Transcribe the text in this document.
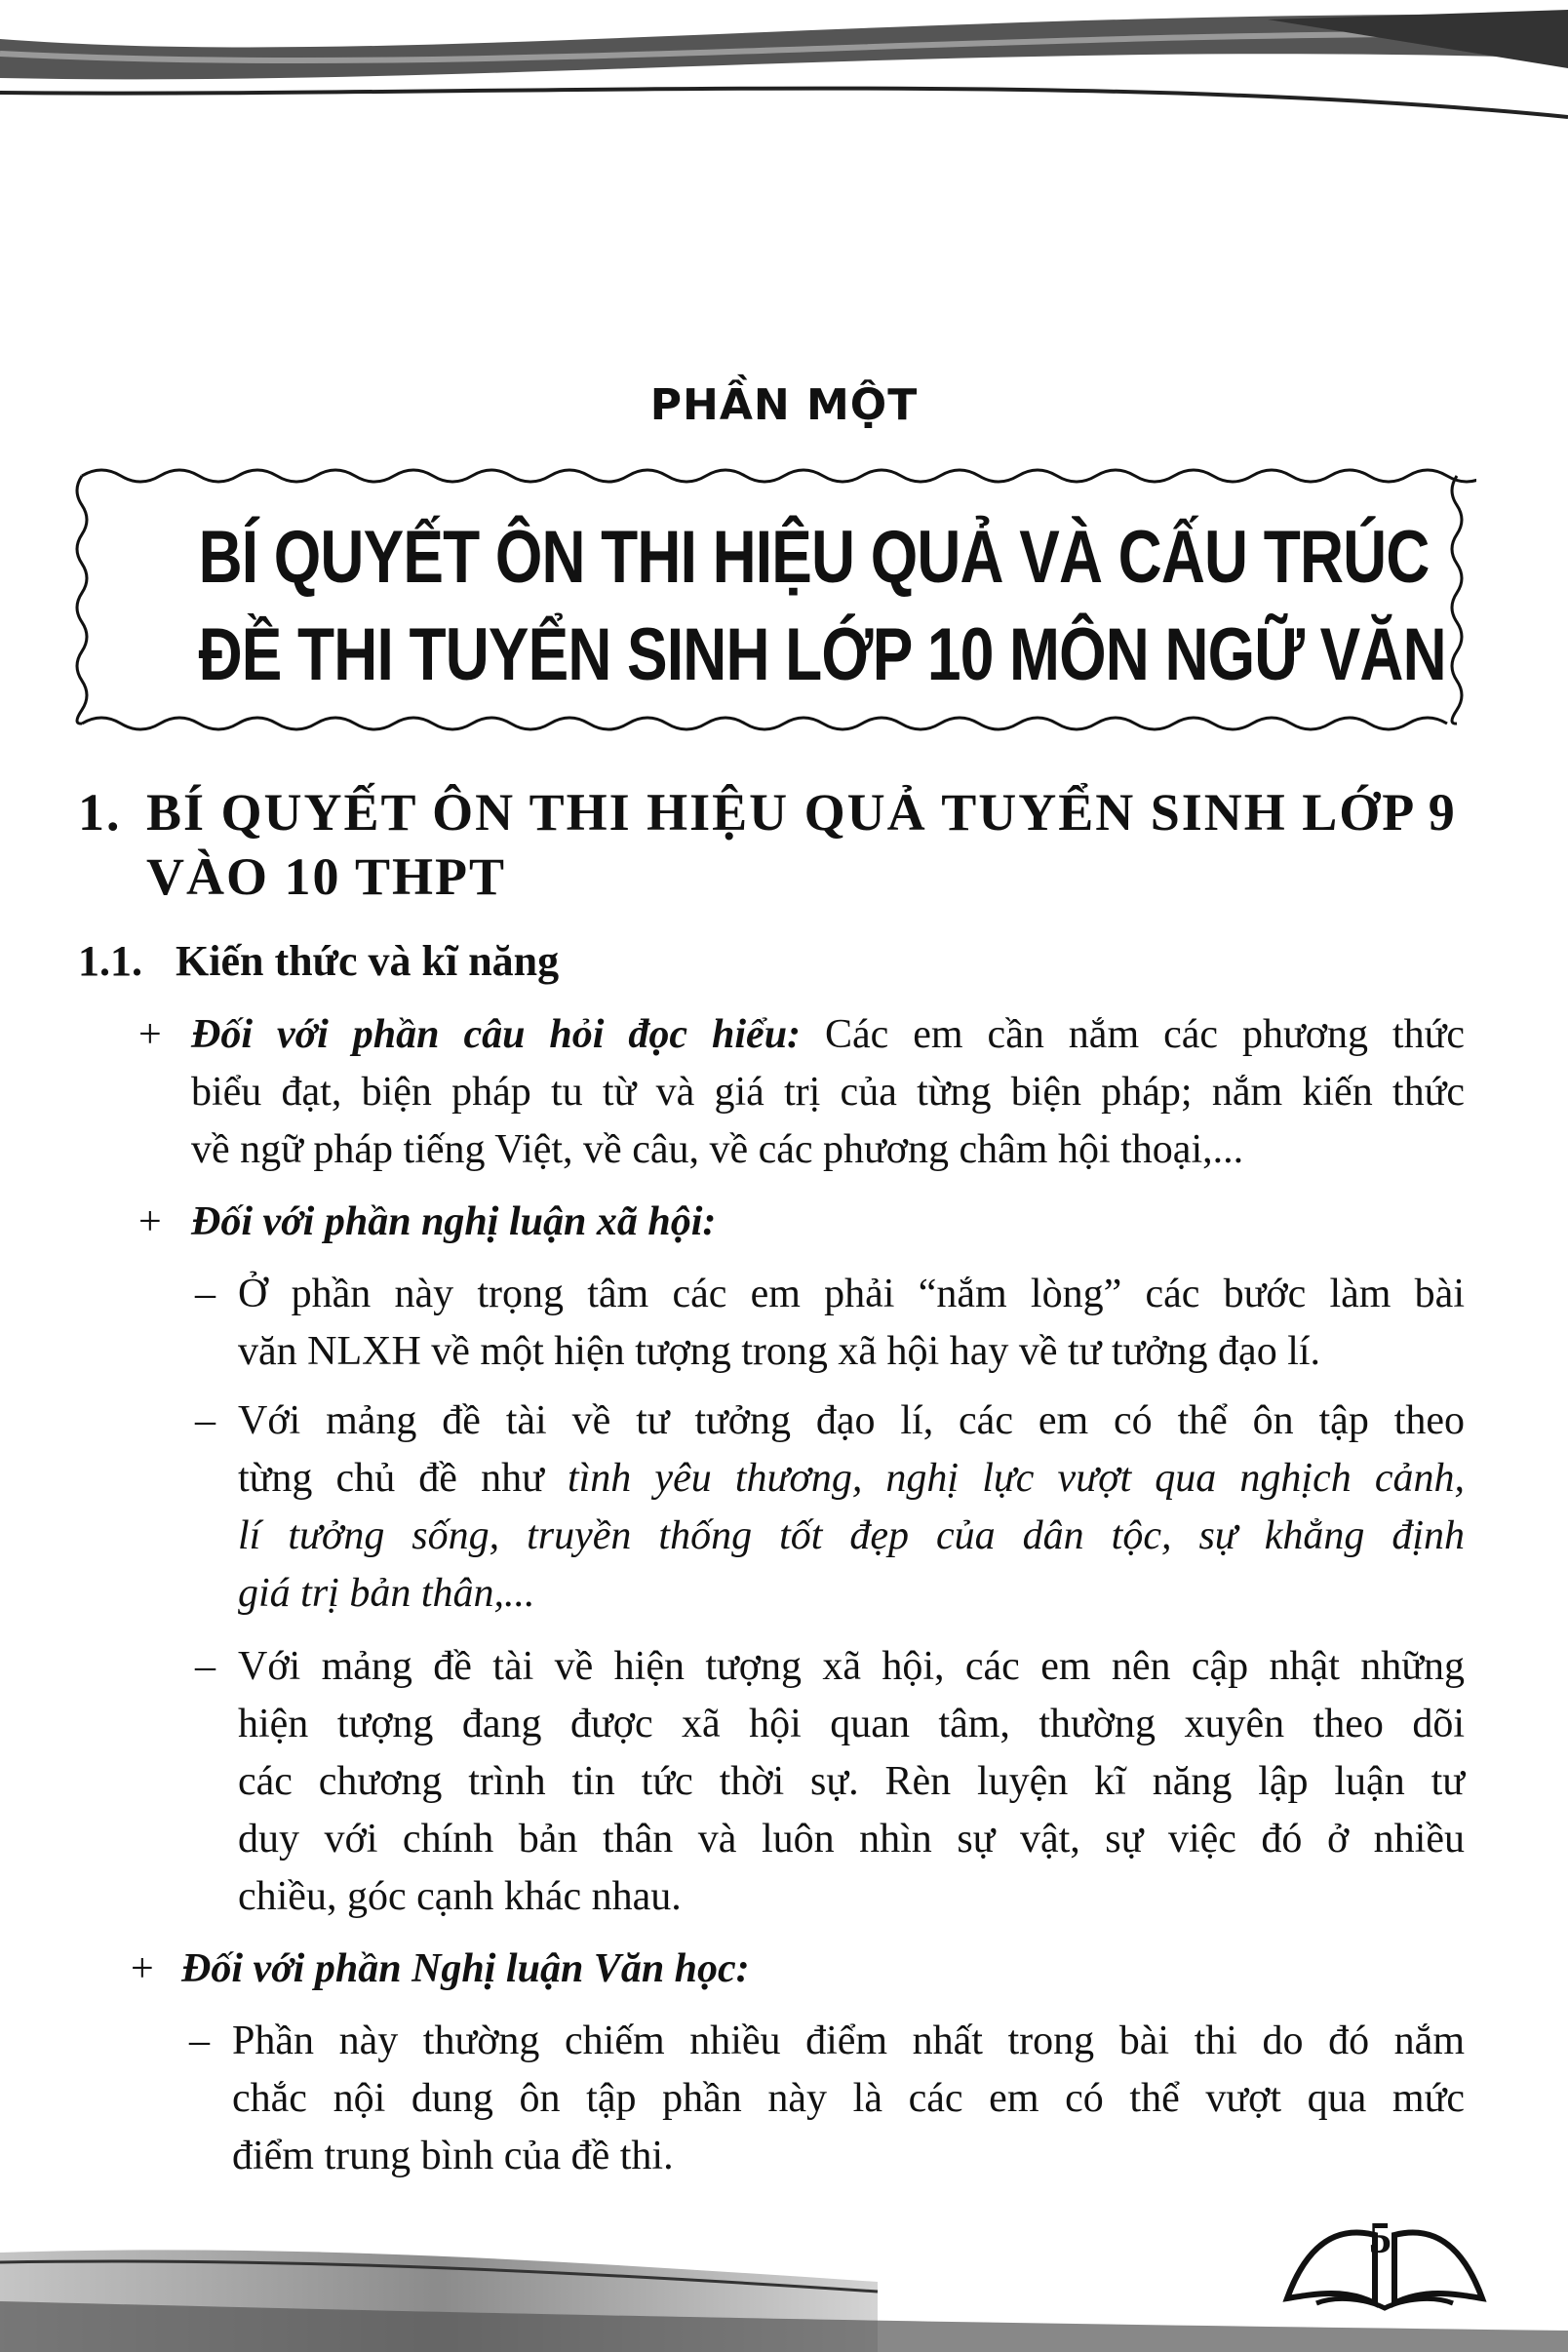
PHẦN MỘT
BÍ QUYẾT ÔN THI HIỆU QUẢ VÀ CẤU TRÚC
ĐỀ THI TUYỂN SINH LỚP 10 MÔN NGỮ VĂN
1. BÍ QUYẾT ÔN THI HIỆU QUẢ TUYỂN SINH LỚP 9
VÀO 10 THPT
1.1. Kiến thức và kĩ năng
+ Đối với phần câu hỏi đọc hiểu: Các em cần nắm các phương thức
biểu đạt, biện pháp tu từ và giá trị của từng biện pháp; nắm kiến thức
về ngữ pháp tiếng Việt, về câu, về các phương châm hội thoại,...
+ Đối với phần nghị luận xã hội:
– Ở phần này trọng tâm các em phải “nắm lòng” các bước làm bài
văn NLXH về một hiện tượng trong xã hội hay về tư tưởng đạo lí.
– Với mảng đề tài về tư tưởng đạo lí, các em có thể ôn tập theo
từng chủ đề như tình yêu thương, nghị lực vượt qua nghịch cảnh,
lí tưởng sống, truyền thống tốt đẹp của dân tộc, sự khẳng định
giá trị bản thân,...
– Với mảng đề tài về hiện tượng xã hội, các em nên cập nhật những
hiện tượng đang được xã hội quan tâm, thường xuyên theo dõi
các chương trình tin tức thời sự. Rèn luyện kĩ năng lập luận tư
duy với chính bản thân và luôn nhìn sự vật, sự việc đó ở nhiều
chiều, góc cạnh khác nhau.
+ Đối với phần Nghị luận Văn học:
– Phần này thường chiếm nhiều điểm nhất trong bài thi do đó nắm
chắc nội dung ôn tập phần này là các em có thể vượt qua mức
điểm trung bình của đề thi.
5
